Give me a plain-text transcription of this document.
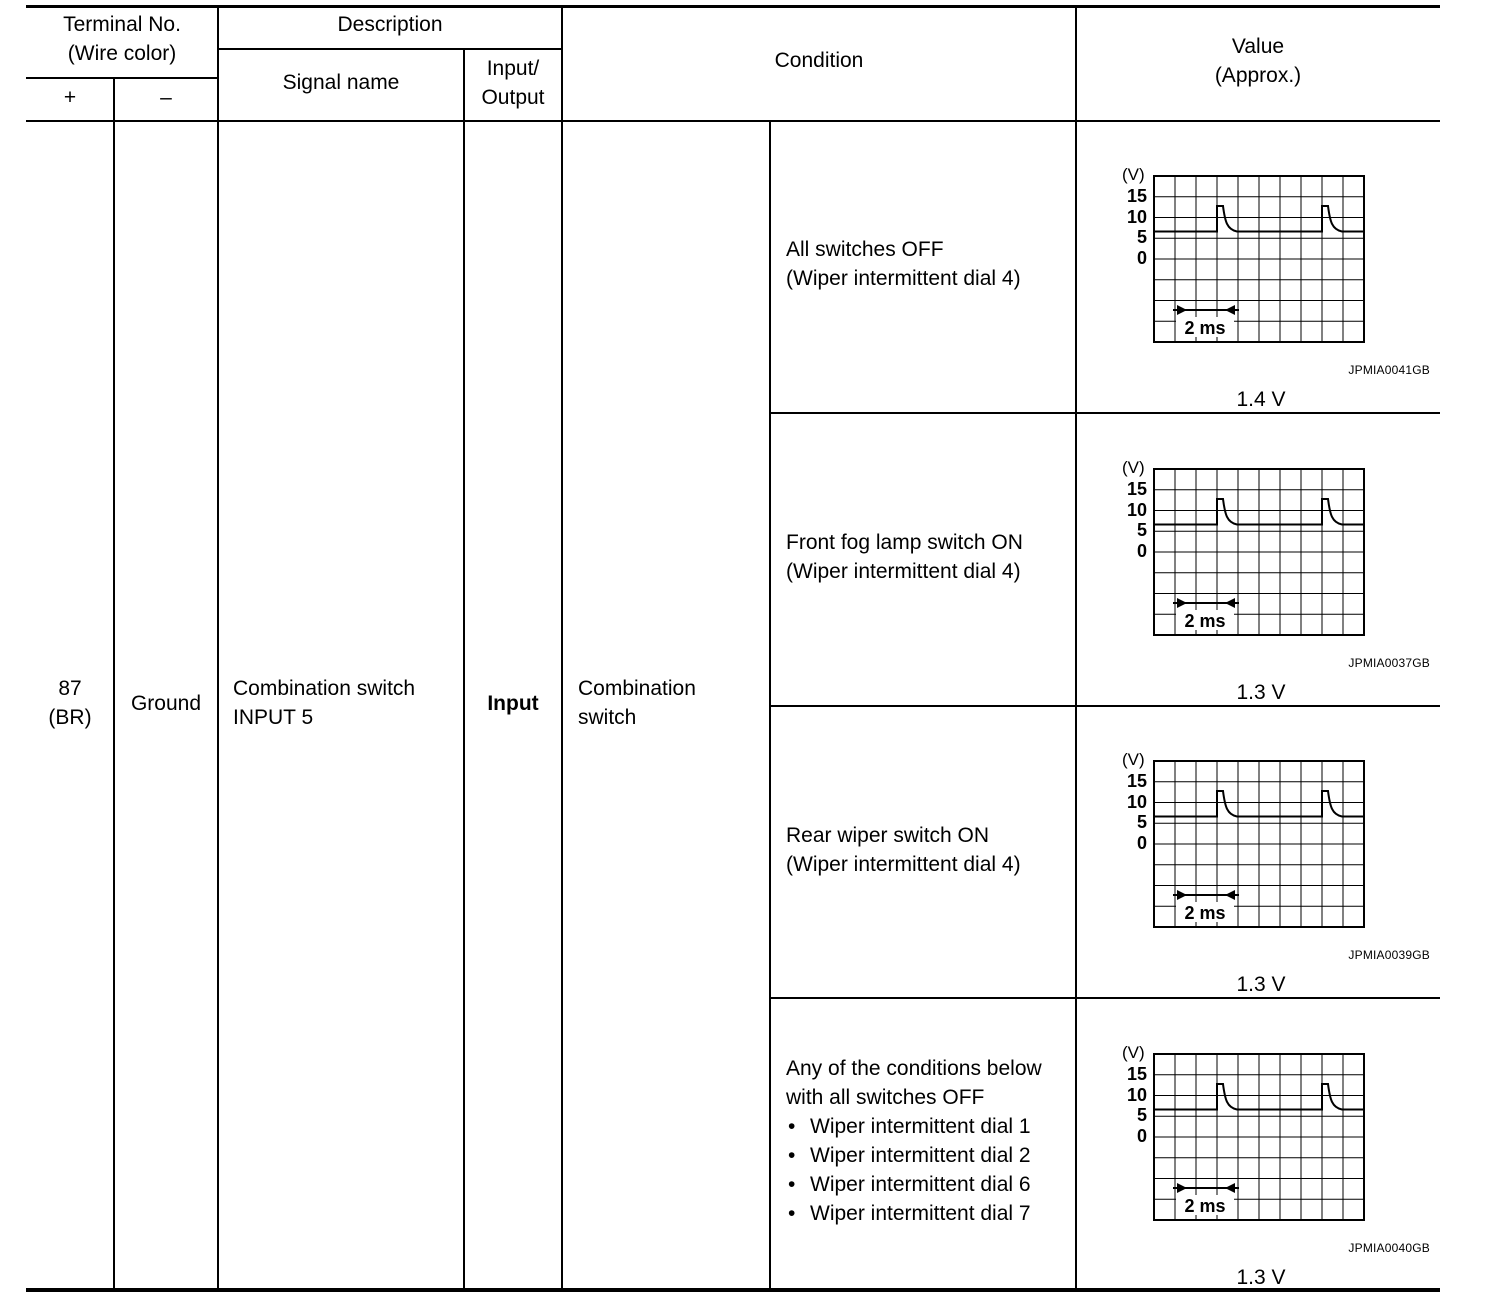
Terminal No.
(Wire color)
+	–
Description
Signal name
Input/
Output
Condition
Value
(Approx.)
87
(BR)
Ground
Combination switch
INPUT 5
Input
Combination
switch
All switches OFF
(Wiper intermittent dial 4)
Front fog lamp switch ON
(Wiper intermittent dial 4)
Rear wiper switch ON
(Wiper intermittent dial 4)
Any of the conditions below
with all switches OFF
• Wiper intermittent dial 1
• Wiper intermittent dial 2
• Wiper intermittent dial 6
• Wiper intermittent dial 7
(V)
15
10
5
0
2 ms
JPMIA0041GB
1.4 V
(V)
15
10
5
0
2 ms
JPMIA0037GB
1.3 V
(V)
15
10
5
0
2 ms
JPMIA0039GB
1.3 V
(V)
15
10
5
0
2 ms
JPMIA0040GB
1.3 V
